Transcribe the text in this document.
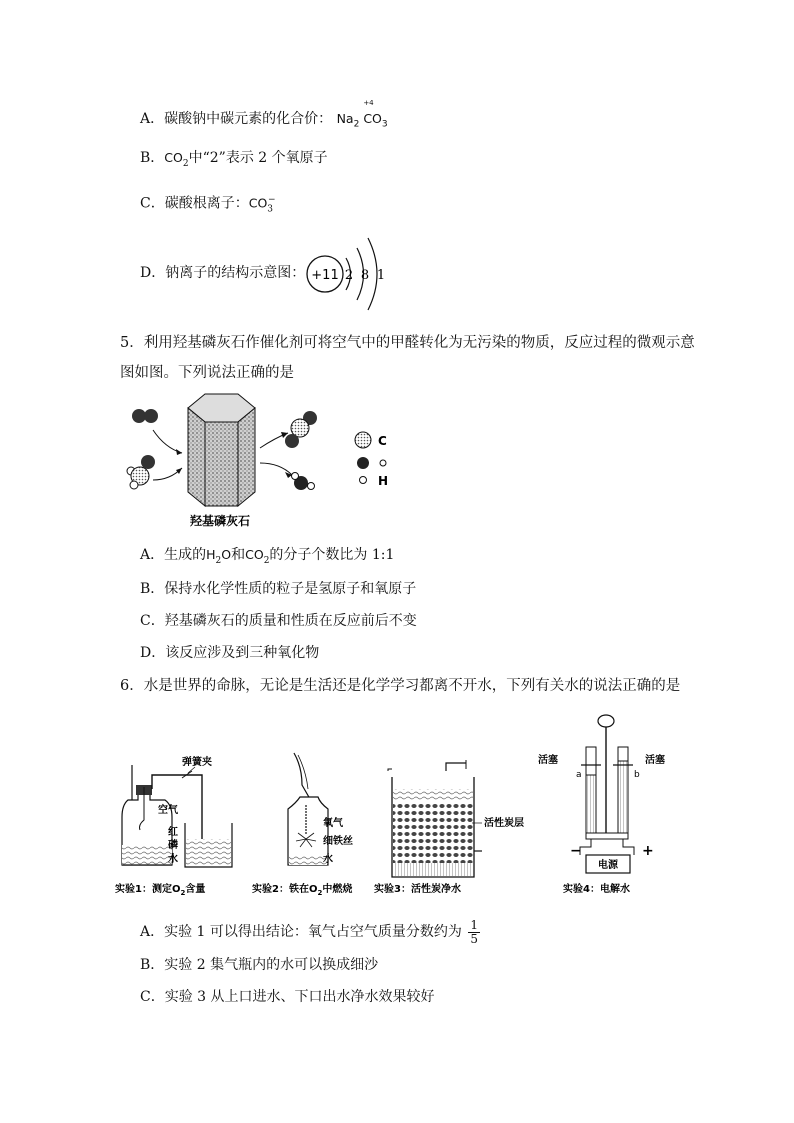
A．碳酸钠中碳元素的化合价： $Na_2$
+4
$CO_3$
B．$CO_2$中“2”表示 2 个氧原子
C．碳酸根离子：$CO_3^-$
D．钠离子的结构示意图： +11 2 8 1
5．利用羟基磷灰石作催化剂可将空气中的甲醛转化为无污染的物质，反应过程的微观示意
图如图。下列说法正确的是
羟基磷灰石
C
H
A．生成的$H_2O$和$CO_2$的分子个数比为 1:1
B．保持水化学性质的粒子是氢原子和氧原子
C．羟基磷灰石的质量和性质在反应前后不变
D．该反应涉及到三种氧化物
6．水是世界的命脉，无论是生活还是化学学习都离不开水，下列有关水的说法正确的是
弹簧夹
空气
红
磷
水
实验1：测定$O_2$含量
氧气
细铁丝
水
实验2：铁在$O_2$中燃烧
活性炭层
实验3：活性炭净水
活塞	活塞
a	b
电源
−	+
实验4：电解水
A．实验 1 可以得出结论：氧气占空气质量分数约为 $\frac{1}{5}$
B．实验 2 集气瓶内的水可以换成细沙
C．实验 3 从上口进水、下口出水净水效果较好
